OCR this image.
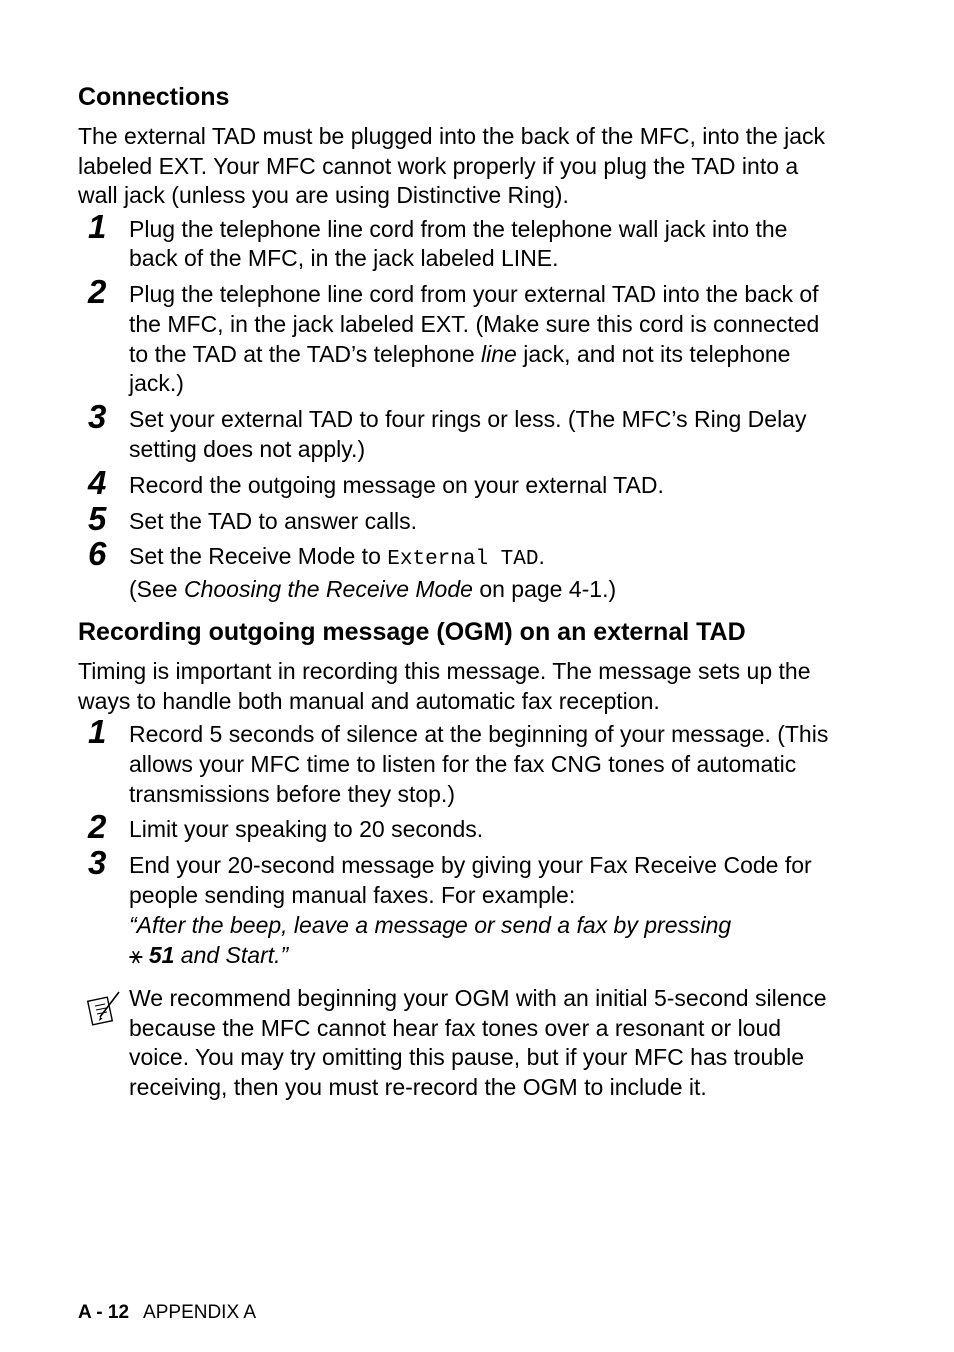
Connections

The external TAD must be plugged into the back of the MFC, into the jack labeled EXT. Your MFC cannot work properly if you plug the TAD into a wall jack (unless you are using Distinctive Ring).

1 Plug the telephone line cord from the telephone wall jack into the back of the MFC, in the jack labeled LINE.
2 Plug the telephone line cord from your external TAD into the back of the MFC, in the jack labeled EXT. (Make sure this cord is connected to the TAD at the TAD’s telephone line jack, and not its telephone jack.)
3 Set your external TAD to four rings or less. (The MFC’s Ring Delay setting does not apply.)
4 Record the outgoing message on your external TAD.
5 Set the TAD to answer calls.
6 Set the Receive Mode to External TAD.
(See Choosing the Receive Mode on page 4-1.)
Recording outgoing message (OGM) on an external TAD

Timing is important in recording this message. The message sets up the ways to handle both manual and automatic fax reception.

1 Record 5 seconds of silence at the beginning of your message. (This allows your MFC time to listen for the fax CNG tones of automatic transmissions before they stop.)
2 Limit your speaking to 20 seconds.
3 End your 20-second message by giving your Fax Receive Code for people sending manual faxes. For example:
“After the beep, leave a message or send a fax by pressing
⚹ 51 and Start.”

We recommend beginning your OGM with an initial 5-second silence because the MFC cannot hear fax tones over a resonant or loud voice. You may try omitting this pause, but if your MFC has trouble receiving, then you must re-record the OGM to include it.

A - 12 APPENDIX A
